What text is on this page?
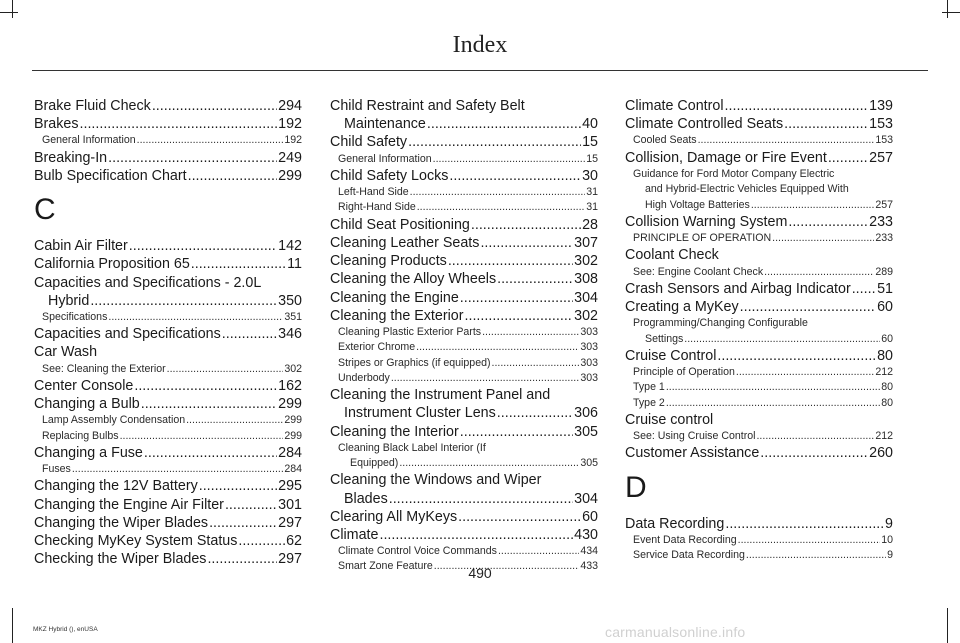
Index
Brake Fluid Check .....	294
Brakes .....	192
General Information .....	192
Breaking-In .....	249
Bulb Specification Chart .....	299
C
Cabin Air Filter .....	142
California Proposition 65 .....	11
Capacities and Specifications - 2.0L
Hybrid .....	350
Specifications .....	351
Capacities and Specifications .....	346
Car Wash
See: Cleaning the Exterior .....	302
Center Console .....	162
Changing a Bulb .....	299
Lamp Assembly Condensation .....	299
Replacing Bulbs .....	299
Changing a Fuse .....	284
Fuses .....	284
Changing the 12V Battery .....	295
Changing the Engine Air Filter .....	301
Changing the Wiper Blades .....	297
Checking MyKey System Status .....	62
Checking the Wiper Blades .....	297
Child Restraint and Safety Belt
Maintenance .....	40
Child Safety .....	15
General Information .....	15
Child Safety Locks .....	30
Left-Hand Side .....	31
Right-Hand Side .....	31
Child Seat Positioning .....	28
Cleaning Leather Seats .....	307
Cleaning Products .....	302
Cleaning the Alloy Wheels .....	308
Cleaning the Engine .....	304
Cleaning the Exterior .....	302
Cleaning Plastic Exterior Parts .....	303
Exterior Chrome .....	303
Stripes or Graphics (if equipped) .....	303
Underbody .....	303
Cleaning the Instrument Panel and
Instrument Cluster Lens .....	306
Cleaning the Interior .....	305
Cleaning Black Label Interior (If
Equipped) .....	305
Cleaning the Windows and Wiper
Blades .....	304
Clearing All MyKeys .....	60
Climate .....	430
Climate Control Voice Commands .....	434
Smart Zone Feature .....	433
Climate Control .....	139
Climate Controlled Seats .....	153
Cooled Seats .....	153
Collision, Damage or Fire Event .....	257
Guidance for Ford Motor Company Electric
and Hybrid-Electric Vehicles Equipped With
High Voltage Batteries .....	257
Collision Warning System .....	233
PRINCIPLE OF OPERATION .....	233
Coolant Check
See: Engine Coolant Check .....	289
Crash Sensors and Airbag Indicator ..... 51
Creating a MyKey .....	60
Programming/Changing Configurable
Settings .....	60
Cruise Control .....	80
Principle of Operation .....	212
Type 1 .....	80
Type 2 .....	80
Cruise control
See: Using Cruise Control .....	212
Customer Assistance .....	260
D
Data Recording .....	9
Event Data Recording .....	10
Service Data Recording .....	9
490
MKZ Hybrid (), enUSA	carmanualsonline.info
